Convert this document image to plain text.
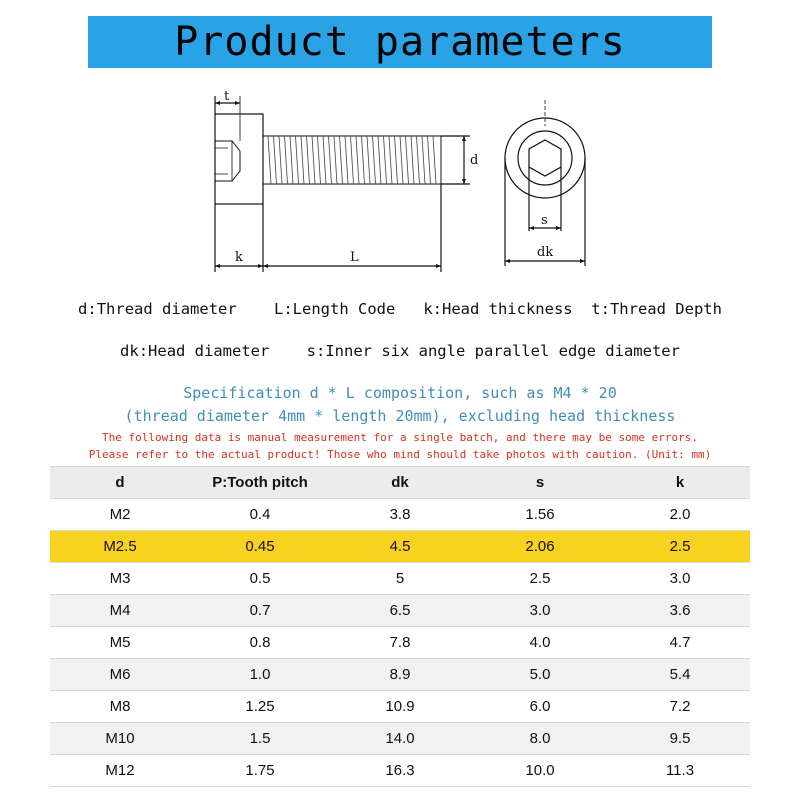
Product parameters
t
d
k	L
s
dk
d:Thread diameter    L:Length Code   k:Head thickness  t:Thread Depth
dk:Head diameter    s:Inner six angle parallel edge diameter
Specification d * L composition, such as M4 * 20
(thread diameter 4mm * length 20mm), excluding head thickness
The following data is manual measurement for a single batch, and there may be some errors.
Please refer to the actual product! Those who mind should take photos with caution. (Unit: mm)
d	P:Tooth pitch	dk	s	k
M2	0.4	3.8	1.56	2.0
M2.5	0.45	4.5	2.06	2.5
M3	0.5	5	2.5	3.0
M4	0.7	6.5	3.0	3.6
M5	0.8	7.8	4.0	4.7
M6	1.0	8.9	5.0	5.4
M8	1.25	10.9	6.0	7.2
M10	1.5	14.0	8.0	9.5
M12	1.75	16.3	10.0	11.3
